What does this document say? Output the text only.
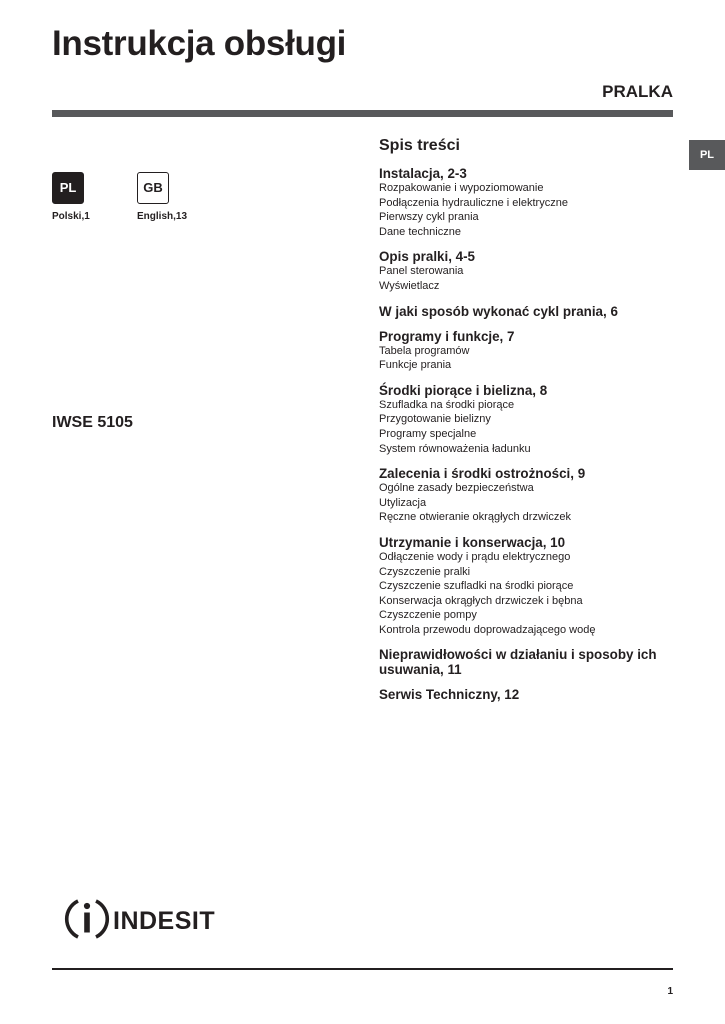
Instrukcja obsługi
PRALKA
PL
PL	GB
Polski,1	English,13
IWSE 5105
Spis treści
Instalacja, 2-3
Rozpakowanie i wypoziomowanie
Podłączenia hydrauliczne i elektryczne
Pierwszy cykl prania
Dane techniczne
Opis pralki, 4-5
Panel sterowania
Wyświetlacz
W jaki sposób wykonać cykl prania, 6
Programy i funkcje, 7
Tabela programów
Funkcje prania
Środki piorące i bielizna, 8
Szufladka na środki piorące
Przygotowanie bielizny
Programy specjalne
System równoważenia ładunku
Zalecenia i środki ostrożności, 9
Ogólne zasady bezpieczeństwa
Utylizacja
Ręczne otwieranie okrągłych drzwiczek
Utrzymanie i konserwacja, 10
Odłączenie wody i prądu elektrycznego
Czyszczenie pralki
Czyszczenie szufladki na środki piorące
Konserwacja okrągłych drzwiczek i bębna
Czyszczenie pompy
Kontrola przewodu doprowadzającego wodę
Nieprawidłowości w działaniu i sposoby ich usuwania, 11
Serwis Techniczny, 12
INDESIT
1
